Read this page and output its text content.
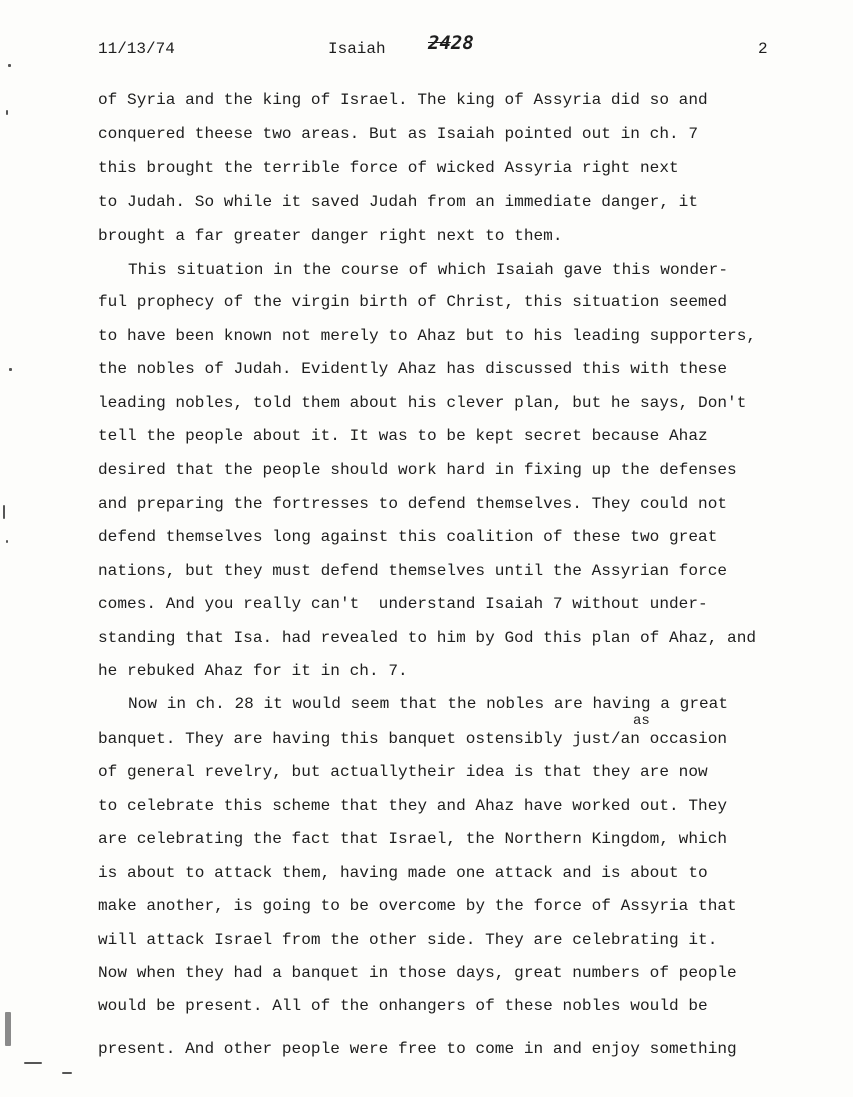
11/13/74	Isaiah 2428	2
of Syria and the king of Israel. The king of Assyria did so and
conquered theese two areas. But as Isaiah pointed out in ch. 7
this brought the terrible force of wicked Assyria right next
to Judah. So while it saved Judah from an immediate danger, it
brought a far greater danger right next to them.
This situation in the course of which Isaiah gave this wonder-
ful prophecy of the virgin birth of Christ, this situation seemed
to have been known not merely to Ahaz but to his leading supporters,
the nobles of Judah. Evidently Ahaz has discussed this with these
leading nobles, told them about his clever plan, but he says, Don't
tell the people about it. It was to be kept secret because Ahaz
desired that the people should work hard in fixing up the defenses
and preparing the fortresses to defend themselves. They could not
defend themselves long against this coalition of these two great
nations, but they must defend themselves until the Assyrian force
comes. And you really can't  understand Isaiah 7 without under-
standing that Isa. had revealed to him by God this plan of Ahaz, and
he rebuked Ahaz for it in ch. 7.
Now in ch. 28 it would seem that the nobles are having a great
as
banquet. They are having this banquet ostensibly just/an occasion
of general revelry, but actuallytheir idea is that they are now
to celebrate this scheme that they and Ahaz have worked out. They
are celebrating the fact that Israel, the Northern Kingdom, which
is about to attack them, having made one attack and is about to
make another, is going to be overcome by the force of Assyria that
will attack Israel from the other side. They are celebrating it.
Now when they had a banquet in those days, great numbers of people
would be present. All of the onhangers of these nobles would be
present. And other people were free to come in and enjoy something
